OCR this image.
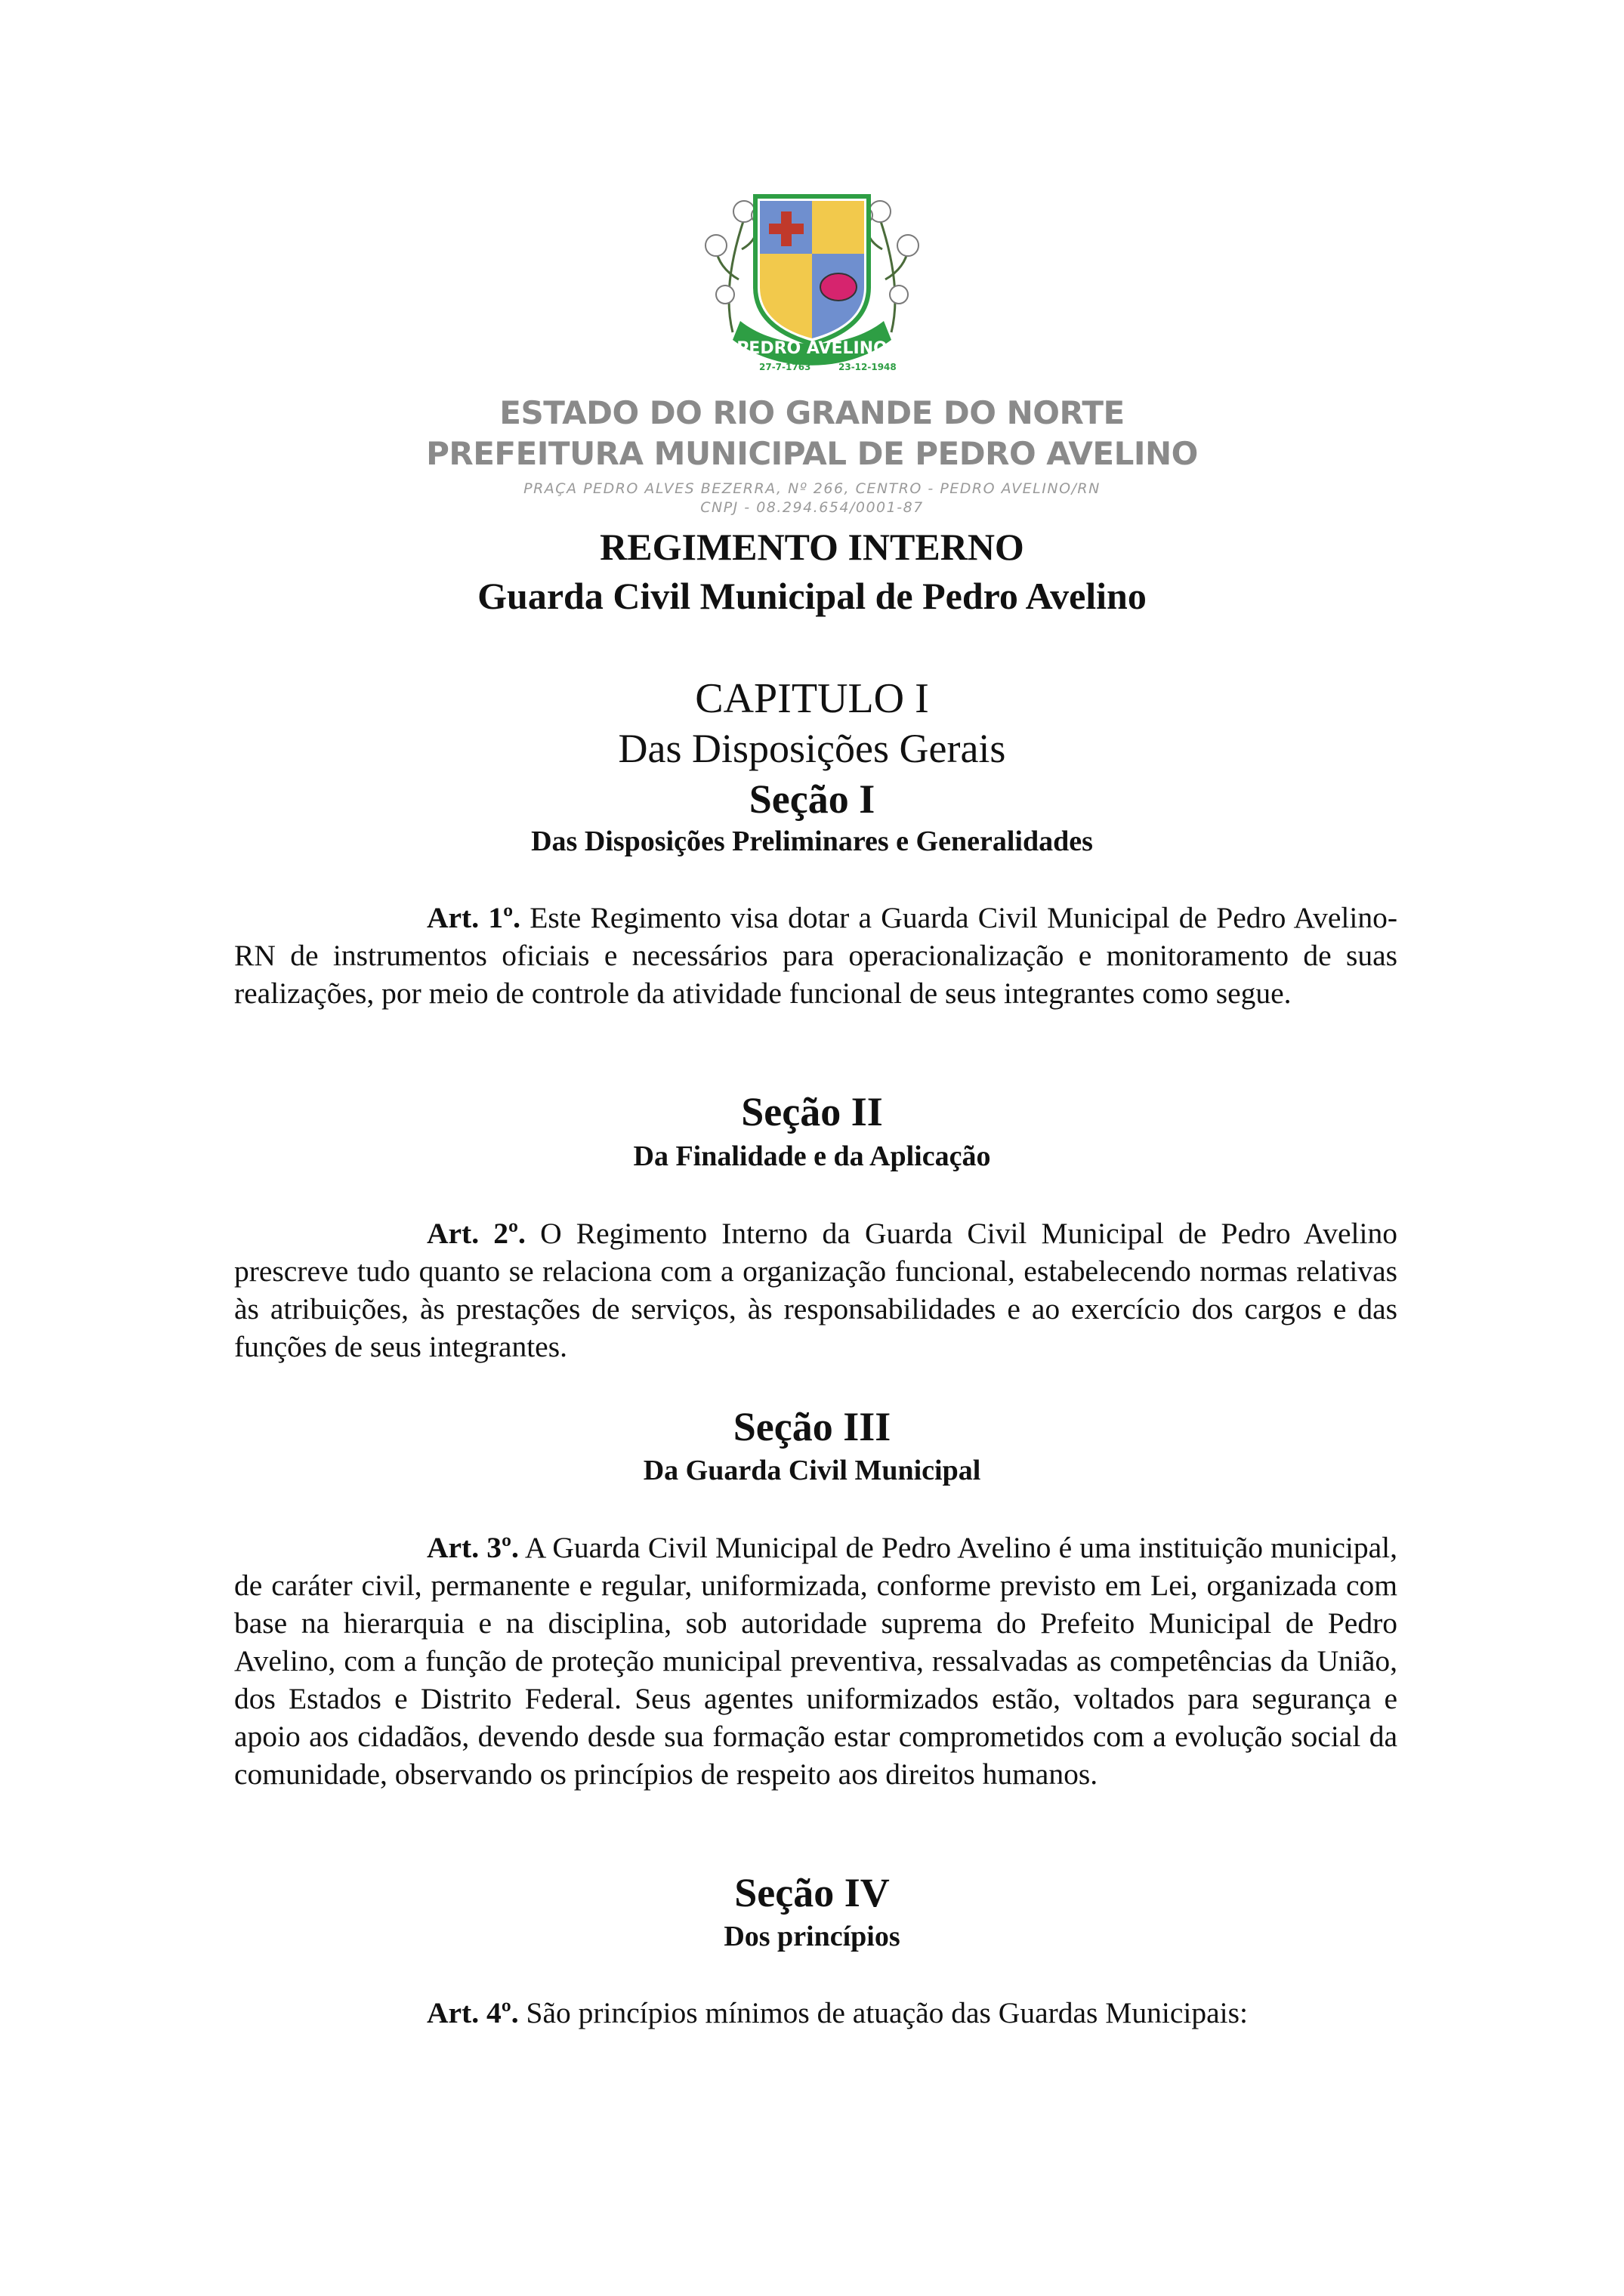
PEDRO AVELINO
27-7-1763	23-12-1948
ESTADO DO RIO GRANDE DO NORTE
PREFEITURA MUNICIPAL DE PEDRO AVELINO
PRAÇA PEDRO ALVES BEZERRA, Nº 266, CENTRO - PEDRO AVELINO/RN
CNPJ - 08.294.654/0001-87
REGIMENTO INTERNO
Guarda Civil Municipal de Pedro Avelino
CAPITULO I
Das Disposições Gerais
Seção I
Das Disposições Preliminares e Generalidades
Art. 1º. Este Regimento visa dotar a Guarda Civil Municipal de Pedro Avelino-RN de instrumentos oficiais e necessários para operacionalização e monitoramento de suas realizações, por meio de controle da atividade funcional de seus integrantes como segue.
Seção II
Da Finalidade e da Aplicação
Art. 2º. O Regimento Interno da Guarda Civil Municipal de Pedro Avelino prescreve tudo quanto se relaciona com a organização funcional, estabelecendo normas relativas às atribuições, às prestações de serviços, às responsabilidades e ao exercício dos cargos e das funções de seus integrantes.
Seção III
Da Guarda Civil Municipal
Art. 3º. A Guarda Civil Municipal de Pedro Avelino é uma instituição municipal, de caráter civil, permanente e regular, uniformizada, conforme previsto em Lei, organizada com base na hierarquia e na disciplina, sob autoridade suprema do Prefeito Municipal de Pedro Avelino, com a função de proteção municipal preventiva, ressalvadas as competências da União, dos Estados e Distrito Federal. Seus agentes uniformizados estão, voltados para segurança e apoio aos cidadãos, devendo desde sua formação estar comprometidos com a evolução social da comunidade, observando os princípios de respeito aos direitos humanos.
Seção IV
Dos princípios
Art. 4º. São princípios mínimos de atuação das Guardas Municipais:
